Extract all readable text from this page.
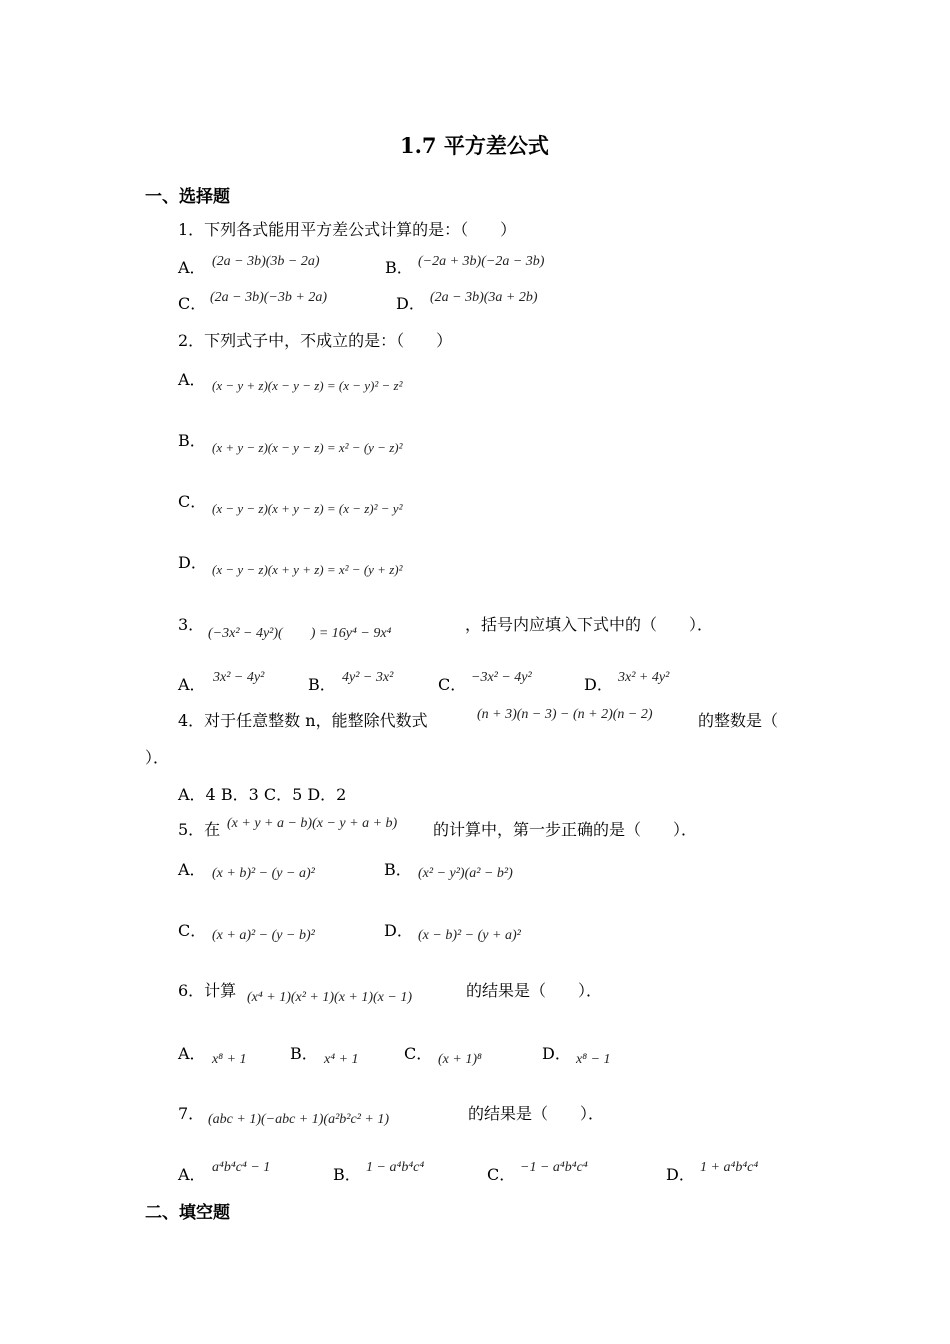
1.7 平方差公式
一、选择题
1．下列各式能用平方差公式计算的是：（　　）
A． (2a − 3b)(3b − 2a)	B． (−2a + 3b)(−2a − 3b)
C． (2a − 3b)(−3b + 2a)	D． (2a − 3b)(3a + 2b)
2．下列式子中，不成立的是：（　　）
A． (x − y + z)(x − y − z) = (x − y)² − z²
B． (x + y − z)(x − y − z) = x² − (y − z)²
C． (x − y − z)(x + y − z) = (x − z)² − y²
D． (x − y − z)(x + y + z) = x² − (y + z)²
3． (−3x² − 4y²)(　　) = 16y⁴ − 9x⁴	，括号内应填入下式中的（　　）．
A． 3x² − 4y²	B． 4y² − 3x²	C． −3x² − 4y²	D． 3x² + 4y²
4．对于任意整数 n，能整除代数式	(n + 3)(n − 3) − (n + 2)(n − 2)	的整数是（
）．
A．4 B．3 C．5 D．2
5．在 (x + y + a − b)(x − y + a + b) 的计算中，第一步正确的是（　　）．
A． (x + b)² − (y − a)²	B． (x² − y²)(a² − b²)
C． (x + a)² − (y − b)²	D． (x − b)² − (y + a)²
6．计算 (x⁴ + 1)(x² + 1)(x + 1)(x − 1)	的结果是（　　）．
A． x⁸ + 1	B． x⁴ + 1	C． (x + 1)⁸	D． x⁸ − 1
7． (abc + 1)(−abc + 1)(a²b²c² + 1)	的结果是（　　）．
A． a⁴b⁴c⁴ − 1	B． 1 − a⁴b⁴c⁴	C． −1 − a⁴b⁴c⁴	D． 1 + a⁴b⁴c⁴
二、填空题
